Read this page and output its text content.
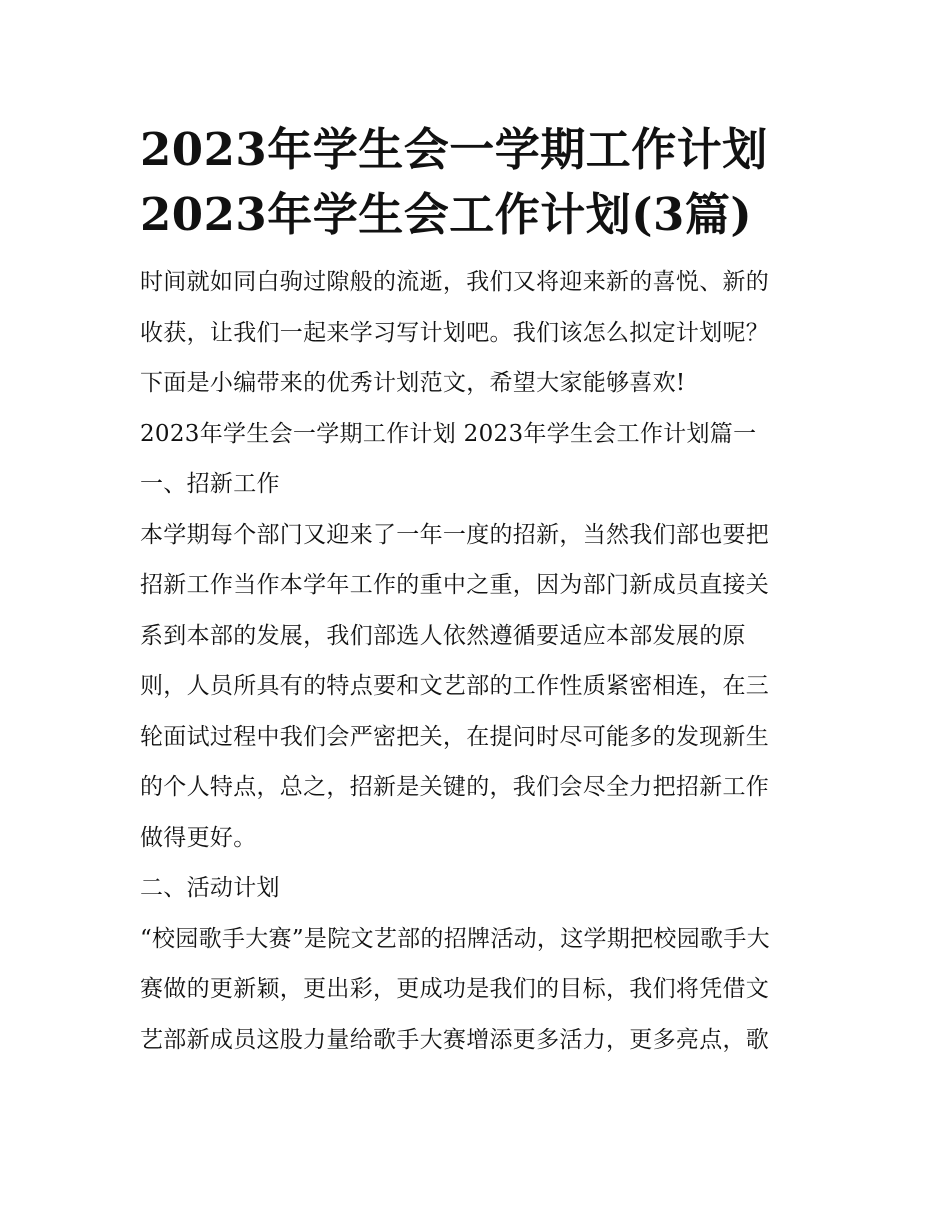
2023年学生会一学期工作计划
2023年学生会工作计划(3篇)
时间就如同白驹过隙般的流逝，我们又将迎来新的喜悦、新的
收获，让我们一起来学习写计划吧。我们该怎么拟定计划呢？
下面是小编带来的优秀计划范文，希望大家能够喜欢!
2023年学生会一学期工作计划 2023年学生会工作计划篇一
一、招新工作
本学期每个部门又迎来了一年一度的招新，当然我们部也要把
招新工作当作本学年工作的重中之重，因为部门新成员直接关
系到本部的发展，我们部选人依然遵循要适应本部发展的原
则，人员所具有的特点要和文艺部的工作性质紧密相连，在三
轮面试过程中我们会严密把关，在提问时尽可能多的发现新生
的个人特点，总之，招新是关键的，我们会尽全力把招新工作
做得更好。
二、活动计划
“校园歌手大赛”是院文艺部的招牌活动，这学期把校园歌手大
赛做的更新颖，更出彩，更成功是我们的目标，我们将凭借文
艺部新成员这股力量给歌手大赛增添更多活力，更多亮点，歌
